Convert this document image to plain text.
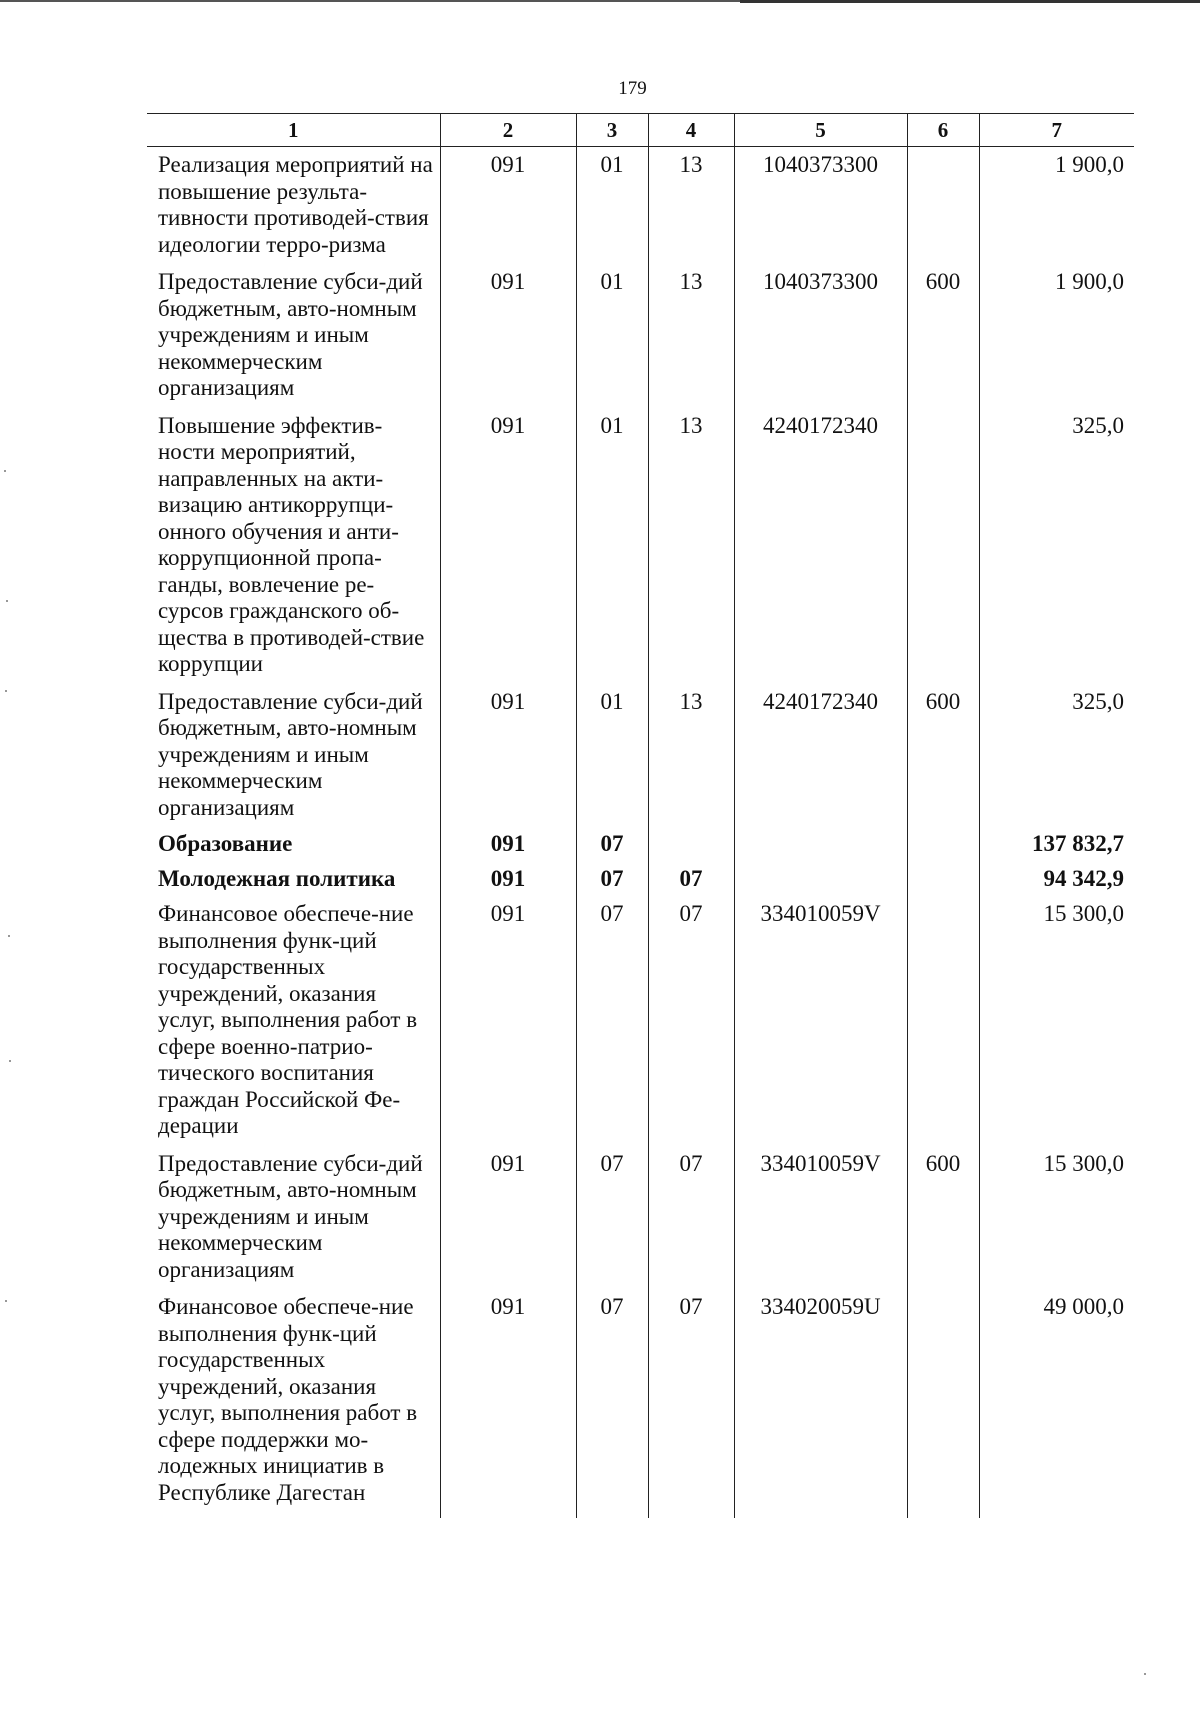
179
1	2	3	4	5	6	7
Реализация мероприятий на повышение результа-тивности противодей-ствия идеологии терро-ризма	091	01	13	1040373300		1 900,0
Предоставление субси-дий бюджетным, авто-номным учреждениям и иным некоммерческим организациям	091	01	13	1040373300	600	1 900,0
Повышение эффектив-ности мероприятий, направленных на акти-визацию антикоррупци-онного обучения и анти-коррупционной пропа-ганды, вовлечение ре-сурсов гражданского об-щества в противодей-ствие коррупции	091	01	13	4240172340		325,0
Предоставление субси-дий бюджетным, авто-номным учреждениям и иным некоммерческим организациям	091	01	13	4240172340	600	325,0
Образование	091	07				137 832,7
Молодежная политика	091	07	07			94 342,9
Финансовое обеспече-ние выполнения функ-ций государственных учреждений, оказания услуг, выполнения работ в сфере военно-патрио-тического воспитания граждан Российской Фе-дерации	091	07	07	334010059V		15 300,0
Предоставление субси-дий бюджетным, авто-номным учреждениям и иным некоммерческим организациям	091	07	07	334010059V	600	15 300,0
Финансовое обеспече-ние выполнения функ-ций государственных учреждений, оказания услуг, выполнения работ в сфере поддержки мо-лодежных инициатив в Республике Дагестан	091	07	07	334020059U		49 000,0
